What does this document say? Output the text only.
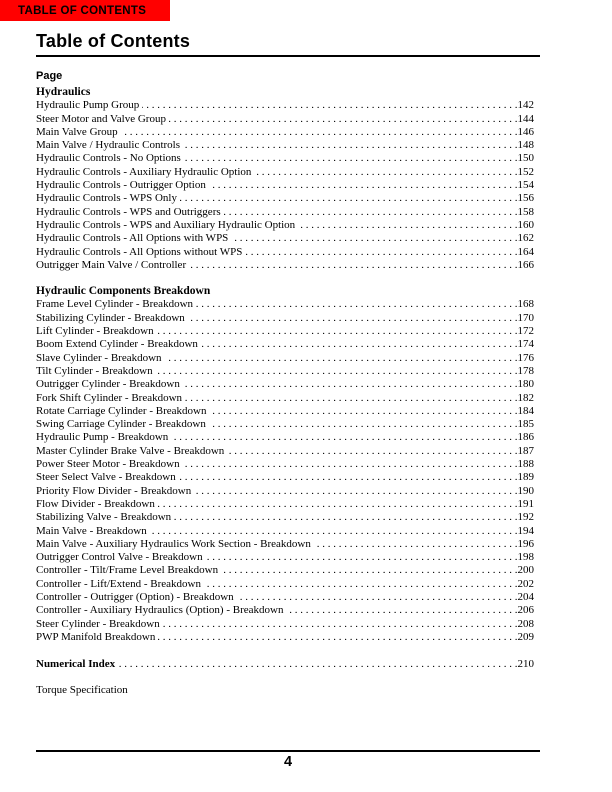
TABLE OF CONTENTS
Table of Contents
Page
Hydraulics
Hydraulic Pump Group . . .	142
Steer Motor and Valve Group . . .	144
Main Valve Group . . .	146
Main Valve / Hydraulic Controls . . .	148
Hydraulic Controls - No Options . . .	150
Hydraulic Controls - Auxiliary Hydraulic Option . . .	152
Hydraulic Controls - Outrigger Option . . .	154
Hydraulic Controls - WPS Only . . .	156
Hydraulic Controls - WPS and Outriggers . . .	158
Hydraulic Controls - WPS and Auxiliary Hydraulic Option . . .	160
Hydraulic Controls - All Options with WPS . . .	162
Hydraulic Controls - All Options without WPS . . .	164
Outrigger Main Valve / Controller . . .	166
Hydraulic Components Breakdown
Frame Level Cylinder - Breakdown . . .	168
Stabilizing Cylinder - Breakdown . . .	170
Lift Cylinder - Breakdown . . .	172
Boom Extend Cylinder - Breakdown . . .	174
Slave Cylinder - Breakdown . . .	176
Tilt Cylinder - Breakdown . . .	178
Outrigger Cylinder - Breakdown . . .	180
Fork Shift Cylinder - Breakdown . . .	182
Rotate Carriage Cylinder - Breakdown . . .	184
Swing Carriage Cylinder - Breakdown . . .	185
Hydraulic Pump - Breakdown . . .	186
Master Cylinder Brake Valve - Breakdown . . .	187
Power Steer Motor - Breakdown . . .	188
Steer Select Valve - Breakdown . . .	189
Priority Flow Divider - Breakdown . . .	190
Flow Divider - Breakdown . . .	191
Stabilizing Valve - Breakdown . . .	192
Main Valve - Breakdown . . .	194
Main Valve - Auxiliary Hydraulics Work Section - Breakdown . . .	196
Outrigger Control Valve - Breakdown . . .	198
Controller - Tilt/Frame Level Breakdown . . .	200
Controller - Lift/Extend - Breakdown . . .	202
Controller - Outrigger (Option) - Breakdown . . .	204
Controller - Auxiliary Hydraulics (Option) - Breakdown . . .	206
Steer Cylinder - Breakdown . . .	208
PWP Manifold Breakdown . . .	209
Numerical Index . . .	210
Torque Specification
4
